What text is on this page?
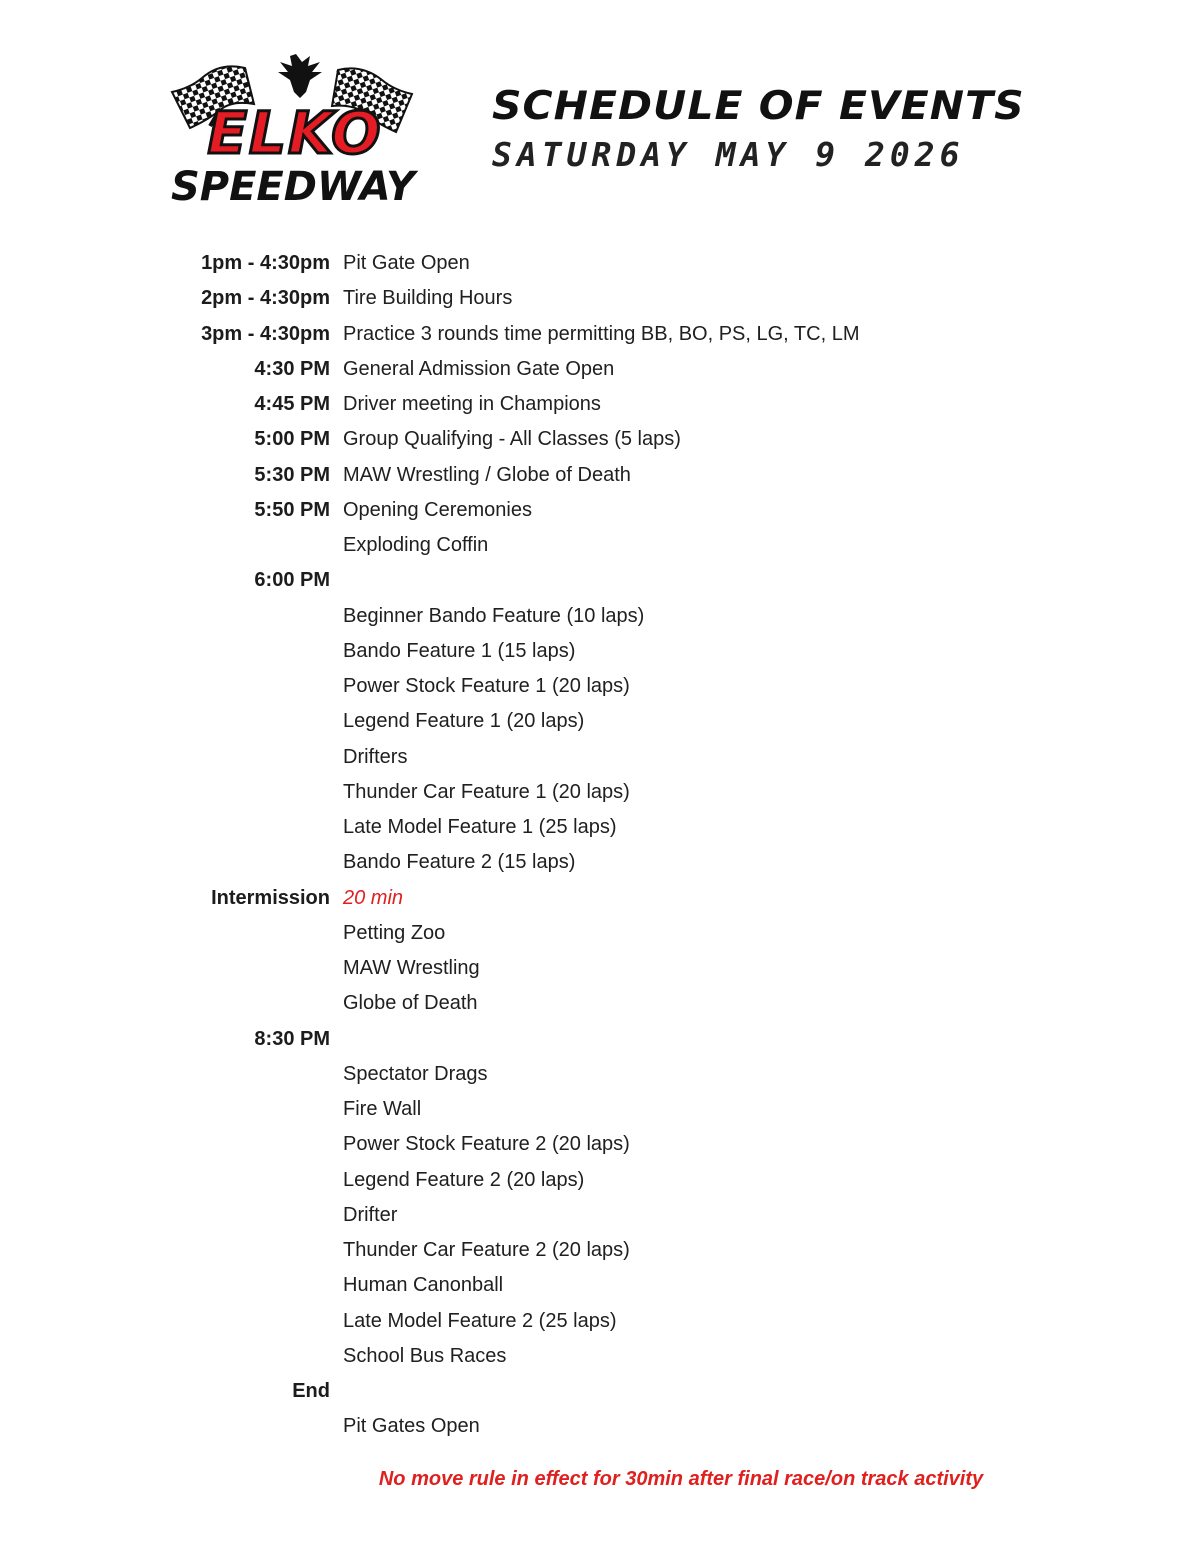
ELKO
SPEEDWAY
SCHEDULE OF EVENTS
SATURDAY MAY 9 2026
1pm - 4:30pm Pit Gate Open
2pm - 4:30pm Tire Building Hours
3pm - 4:30pm Practice 3 rounds time permitting BB, BO, PS, LG, TC, LM
4:30 PM General Admission Gate Open
4:45 PM Driver meeting in Champions
5:00 PM Group Qualifying - All Classes (5 laps)
5:30 PM MAW Wrestling / Globe of Death
5:50 PM Opening Ceremonies
Exploding Coffin
6:00 PM
Beginner Bando Feature (10 laps)
Bando Feature 1 (15 laps)
Power Stock Feature 1 (20 laps)
Legend Feature 1 (20 laps)
Drifters
Thunder Car Feature 1 (20 laps)
Late Model Feature 1 (25 laps)
Bando Feature 2 (15 laps)
Intermission 20 min
Petting Zoo
MAW Wrestling
Globe of Death
8:30 PM
Spectator Drags
Fire Wall
Power Stock Feature 2 (20 laps)
Legend Feature 2 (20 laps)
Drifter
Thunder Car Feature 2 (20 laps)
Human Canonball
Late Model Feature 2 (25 laps)
School Bus Races
End
Pit Gates Open
No move rule in effect for 30min after final race/on track activity
